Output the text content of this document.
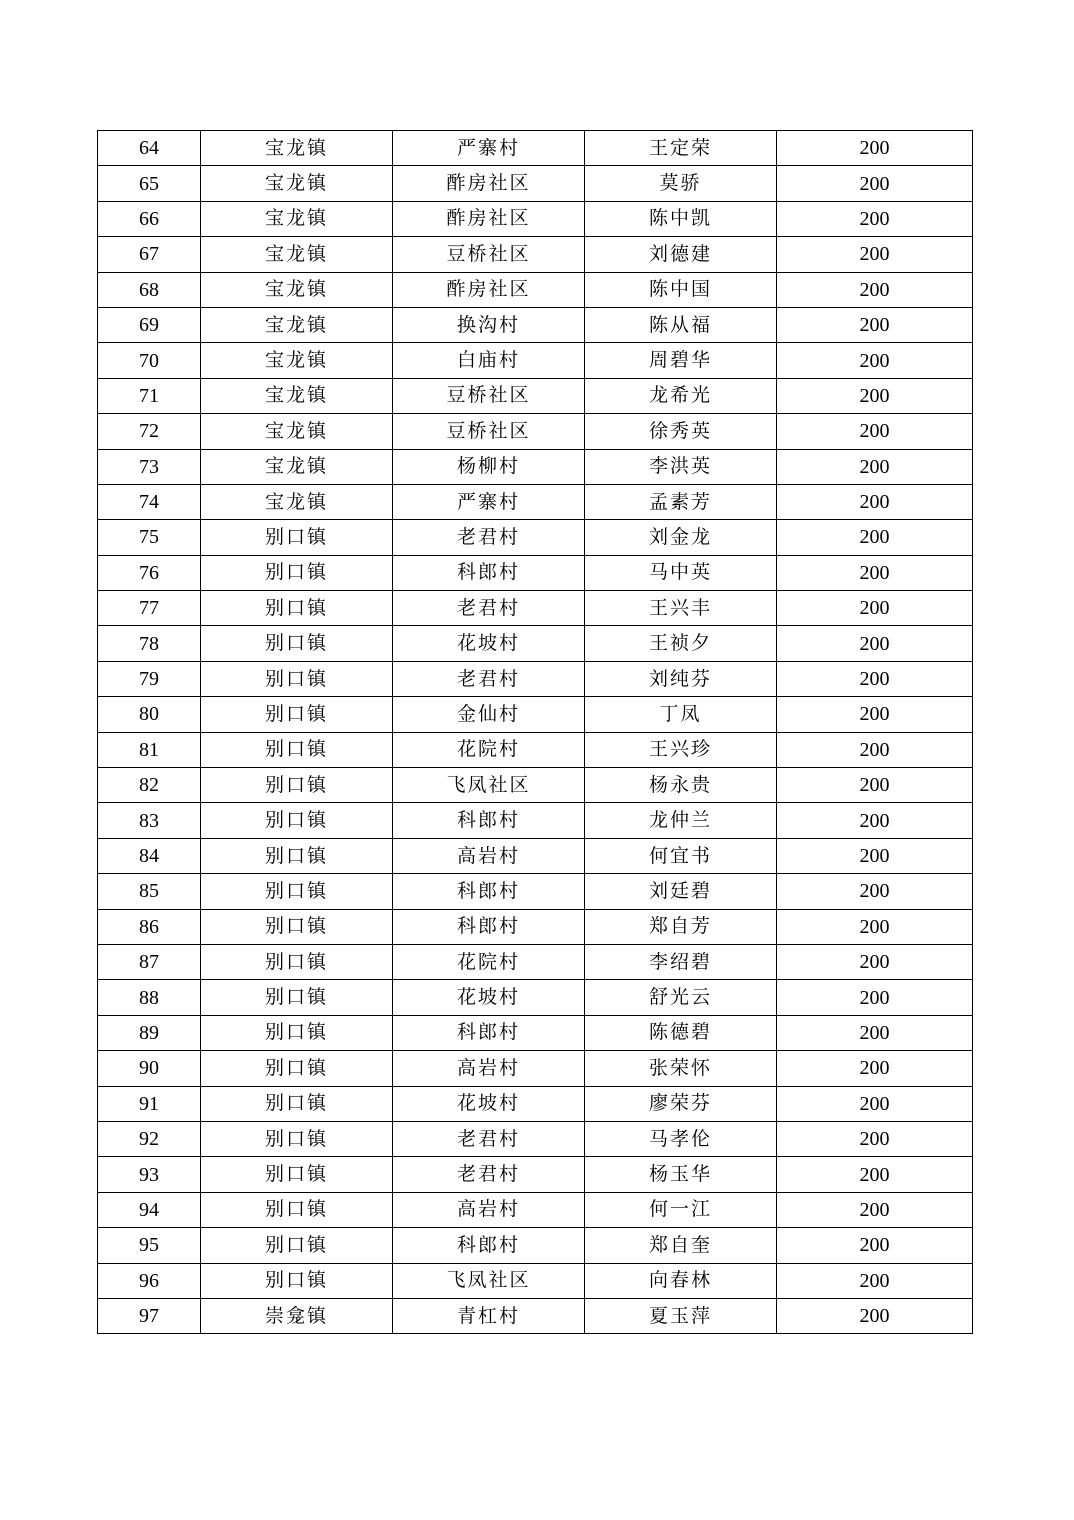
64	宝龙镇	严寨村	王定荣	200
65	宝龙镇	酢房社区	莫骄	200
66	宝龙镇	酢房社区	陈中凯	200
67	宝龙镇	豆桥社区	刘德建	200
68	宝龙镇	酢房社区	陈中国	200
69	宝龙镇	换沟村	陈从福	200
70	宝龙镇	白庙村	周碧华	200
71	宝龙镇	豆桥社区	龙希光	200
72	宝龙镇	豆桥社区	徐秀英	200
73	宝龙镇	杨柳村	李洪英	200
74	宝龙镇	严寨村	孟素芳	200
75	别口镇	老君村	刘金龙	200
76	别口镇	科郎村	马中英	200
77	别口镇	老君村	王兴丰	200
78	别口镇	花坡村	王祯夕	200
79	别口镇	老君村	刘纯芬	200
80	别口镇	金仙村	丁凤	200
81	别口镇	花院村	王兴珍	200
82	别口镇	飞凤社区	杨永贵	200
83	别口镇	科郎村	龙仲兰	200
84	别口镇	高岩村	何宜书	200
85	别口镇	科郎村	刘廷碧	200
86	别口镇	科郎村	郑自芳	200
87	别口镇	花院村	李绍碧	200
88	别口镇	花坡村	舒光云	200
89	别口镇	科郎村	陈德碧	200
90	别口镇	高岩村	张荣怀	200
91	别口镇	花坡村	廖荣芬	200
92	别口镇	老君村	马孝伦	200
93	别口镇	老君村	杨玉华	200
94	别口镇	高岩村	何一江	200
95	别口镇	科郎村	郑自奎	200
96	别口镇	飞凤社区	向春林	200
97	崇龛镇	青杠村	夏玉萍	200
